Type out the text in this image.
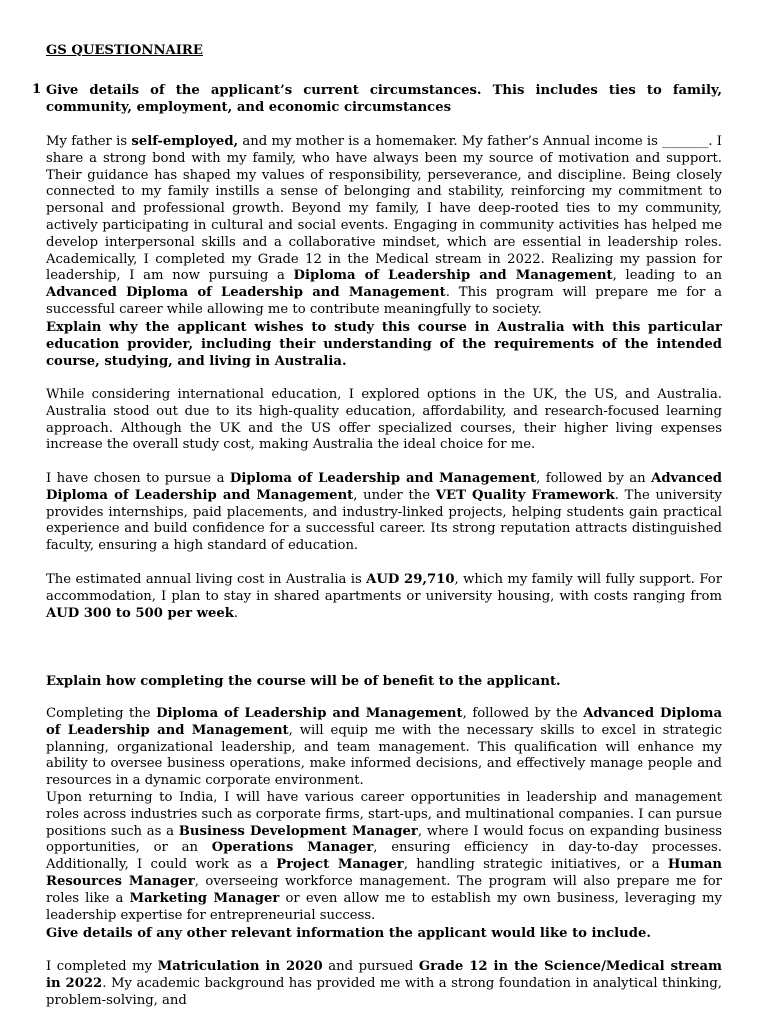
GS QUESTIONNAIRE
1 Give details of the applicant’s current circumstances. This includes ties to family, community, employment, and economic circumstances
My father is self-employed, and my mother is a homemaker. My father’s Annual income is _______. I share a strong bond with my family, who have always been my source of motivation and support. Their guidance has shaped my values of responsibility, perseverance, and discipline. Being closely connected to my family instills a sense of belonging and stability, reinforcing my commitment to personal and professional growth. Beyond my family, I have deep-rooted ties to my community, actively participating in cultural and social events. Engaging in community activities has helped me develop interpersonal skills and a collaborative mindset, which are essential in leadership roles. Academically, I completed my Grade 12 in the Medical stream in 2022. Realizing my passion for leadership, I am now pursuing a Diploma of Leadership and Management, leading to an Advanced Diploma of Leadership and Management. This program will prepare me for a successful career while allowing me to contribute meaningfully to society.
Explain why the applicant wishes to study this course in Australia with this particular education provider, including their understanding of the requirements of the intended course, studying, and living in Australia.
While considering international education, I explored options in the UK, the US, and Australia. Australia stood out due to its high-quality education, affordability, and research-focused learning approach. Although the UK and the US offer specialized courses, their higher living expenses increase the overall study cost, making Australia the ideal choice for me.
I have chosen to pursue a Diploma of Leadership and Management, followed by an Advanced Diploma of Leadership and Management, under the VET Quality Framework. The university provides internships, paid placements, and industry-linked projects, helping students gain practical experience and build confidence for a successful career. Its strong reputation attracts distinguished faculty, ensuring a high standard of education.
The estimated annual living cost in Australia is AUD 29,710, which my family will fully support. For accommodation, I plan to stay in shared apartments or university housing, with costs ranging from AUD 300 to 500 per week.
Explain how completing the course will be of benefit to the applicant.
Completing the Diploma of Leadership and Management, followed by the Advanced Diploma of Leadership and Management, will equip me with the necessary skills to excel in strategic planning, organizational leadership, and team management. This qualification will enhance my ability to oversee business operations, make informed decisions, and effectively manage people and resources in a dynamic corporate environment.
Upon returning to India, I will have various career opportunities in leadership and management roles across industries such as corporate firms, start-ups, and multinational companies. I can pursue positions such as a Business Development Manager, where I would focus on expanding business opportunities, or an Operations Manager, ensuring efficiency in day-to-day processes. Additionally, I could work as a Project Manager, handling strategic initiatives, or a Human Resources Manager, overseeing workforce management. The program will also prepare me for roles like a Marketing Manager or even allow me to establish my own business, leveraging my leadership expertise for entrepreneurial success.
Give details of any other relevant information the applicant would like to include.
I completed my Matriculation in 2020 and pursued Grade 12 in the Science/Medical stream in 2022. My academic background has provided me with a strong foundation in analytical thinking, problem-solving, and
